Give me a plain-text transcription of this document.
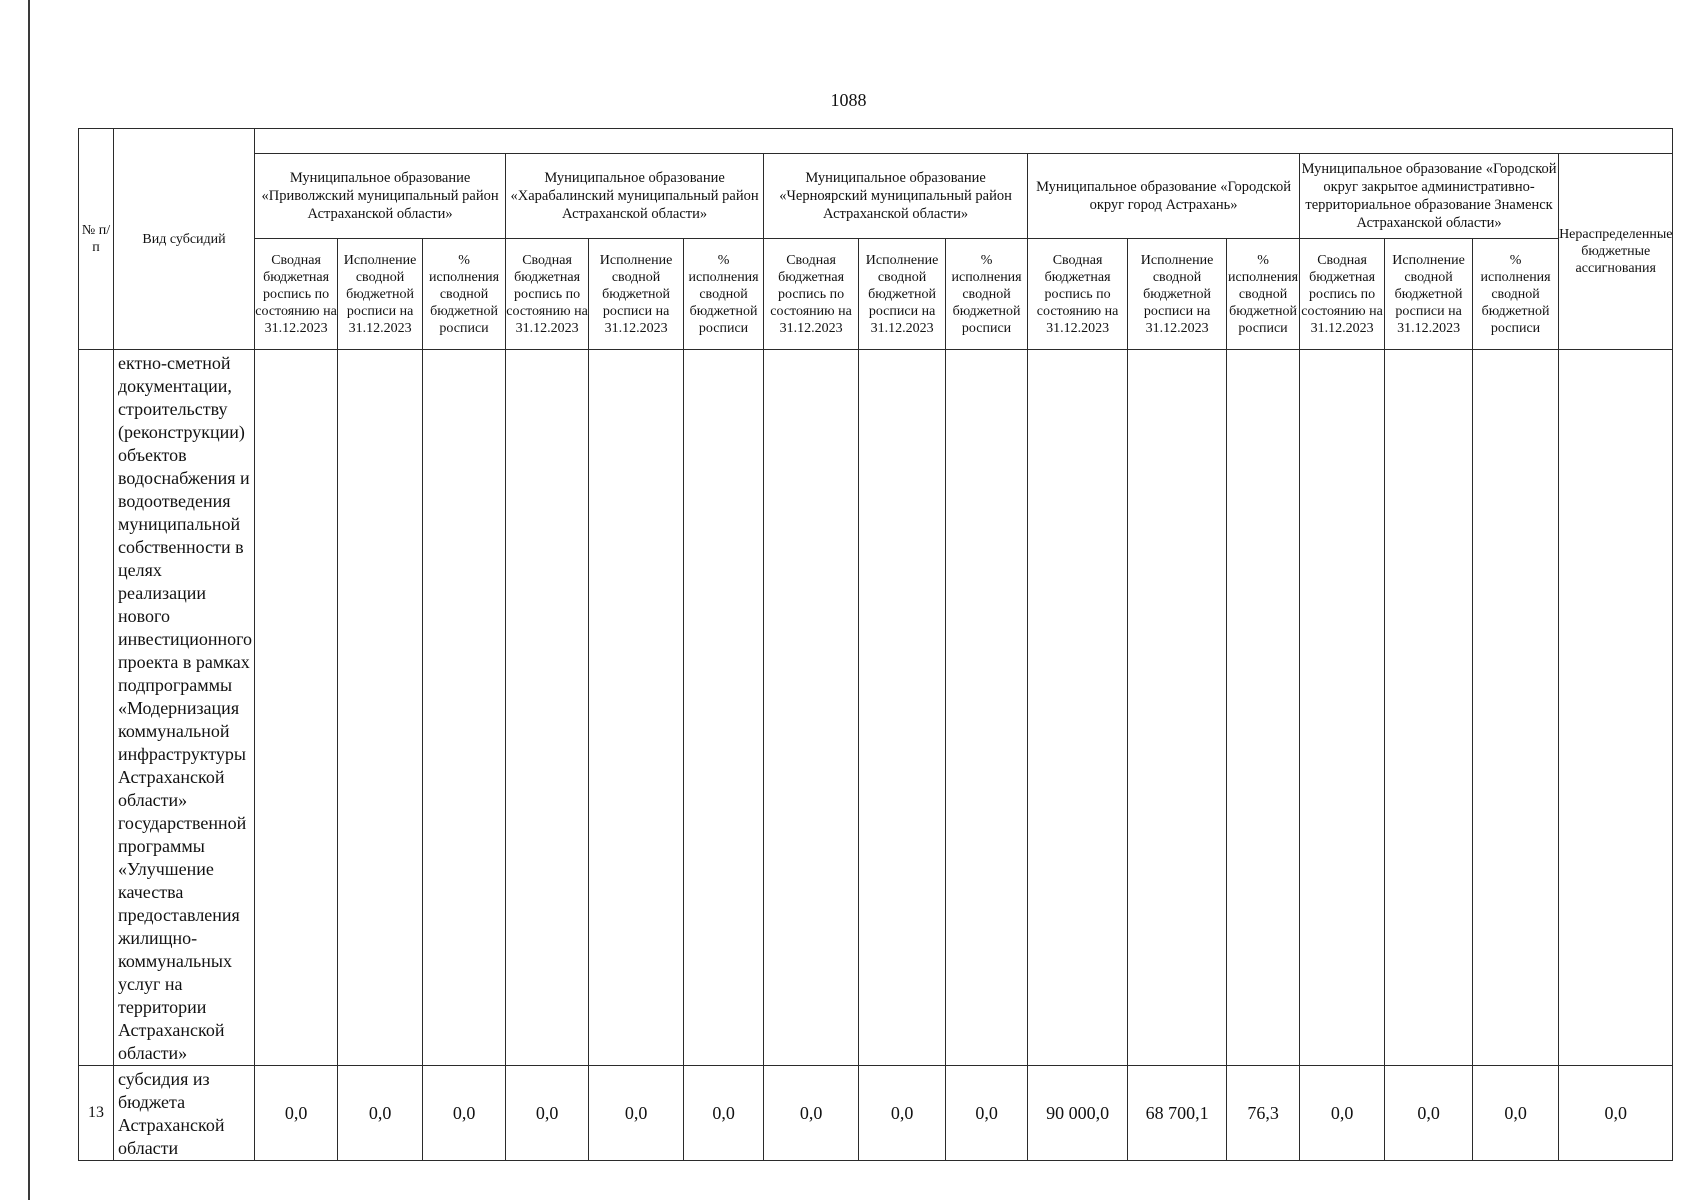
1088
№ п/п	Вид субсидий																
		Муниципальное образование «Приволжский муниципальный район Астраханской области»			Муниципальное образование «Харабалинский муниципальный район Астраханской области»			Муниципальное образование «Черноярский муниципальный район Астраханской области»			Муниципальное образование «Городской округ город Астрахань»			Муниципальное образование «Городской округ закрытое административно-территориальное образование Знаменск Астраханской области»			Нераспределенные бюджетные ассигнования
		Сводная бюджетная роспись по состоянию на 31.12.2023	Исполнение сводной бюджетной росписи на 31.12.2023	% исполнения сводной бюджетной росписи	Сводная бюджетная роспись по состоянию на 31.12.2023	Исполнение сводной бюджетной росписи на 31.12.2023	% исполнения сводной бюджетной росписи	Сводная бюджетная роспись по состоянию на 31.12.2023	Исполнение сводной бюджетной росписи на 31.12.2023	% исполнения сводной бюджетной росписи	Сводная бюджетная роспись по состоянию на 31.12.2023	Исполнение сводной бюджетной росписи на 31.12.2023	% исполнения сводной бюджетной росписи	Сводная бюджетная роспись по состоянию на 31.12.2023	Исполнение сводной бюджетной росписи на 31.12.2023	% исполнения сводной бюджетной росписи	
	ектно-сметной документации, строительству (реконструкции) объектов водоснабжения и водоотведения муниципальной собственности в целях реализации нового инвестиционного проекта в рамках подпрограммы «Модернизация коммунальной инфраструктуры Астраханской области» государственной программы «Улучшение качества предоставления жилищно-коммунальных услуг на территории Астраханской области»																
13	субсидия из бюджета Астраханской области	0,0	0,0	0,0	0,0	0,0	0,0	0,0	0,0	0,0	90 000,0	68 700,1	76,3	0,0	0,0	0,0	0,0
